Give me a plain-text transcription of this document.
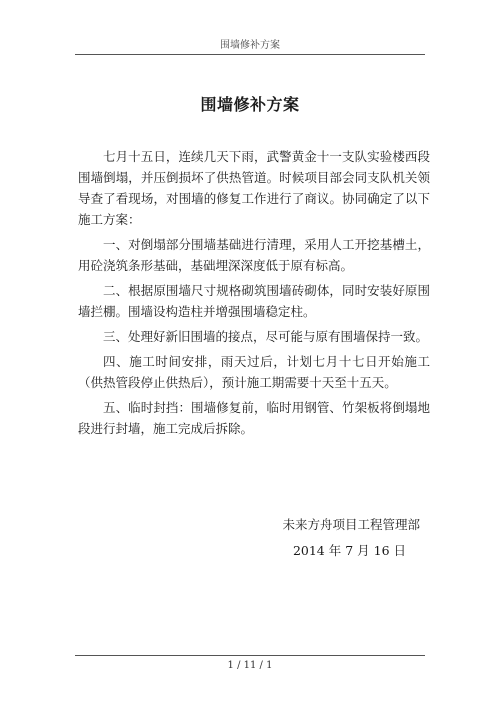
围墙修补方案
围墙修补方案

七月十五日，连续几天下雨，武警黄金十一支队实验楼西段围墙倒塌，并压倒损坏了供热管道。时候项目部会同支队机关领导查了看现场，对围墙的修复工作进行了商议。协同确定了以下施工方案：

一、对倒塌部分围墙基础进行清理，采用人工开挖基槽土，用砼浇筑条形基础，基础埋深深度低于原有标高。

二、根据原围墙尺寸规格砌筑围墙砖砌体，同时安装好原围墙拦棚。围墙设构造柱并增强围墙稳定柱。

三、处理好新旧围墙的接点，尽可能与原有围墙保持一致。

四、施工时间安排，雨天过后，计划七月十七日开始施工（供热管段停止供热后），预计施工期需要十天至十五天。

五、临时封挡：围墙修复前，临时用钢管、竹架板将倒塌地段进行封墙，施工完成后拆除。

未来方舟项目工程管理部
2014 年 7 月 16 日
1 / 11 / 1
